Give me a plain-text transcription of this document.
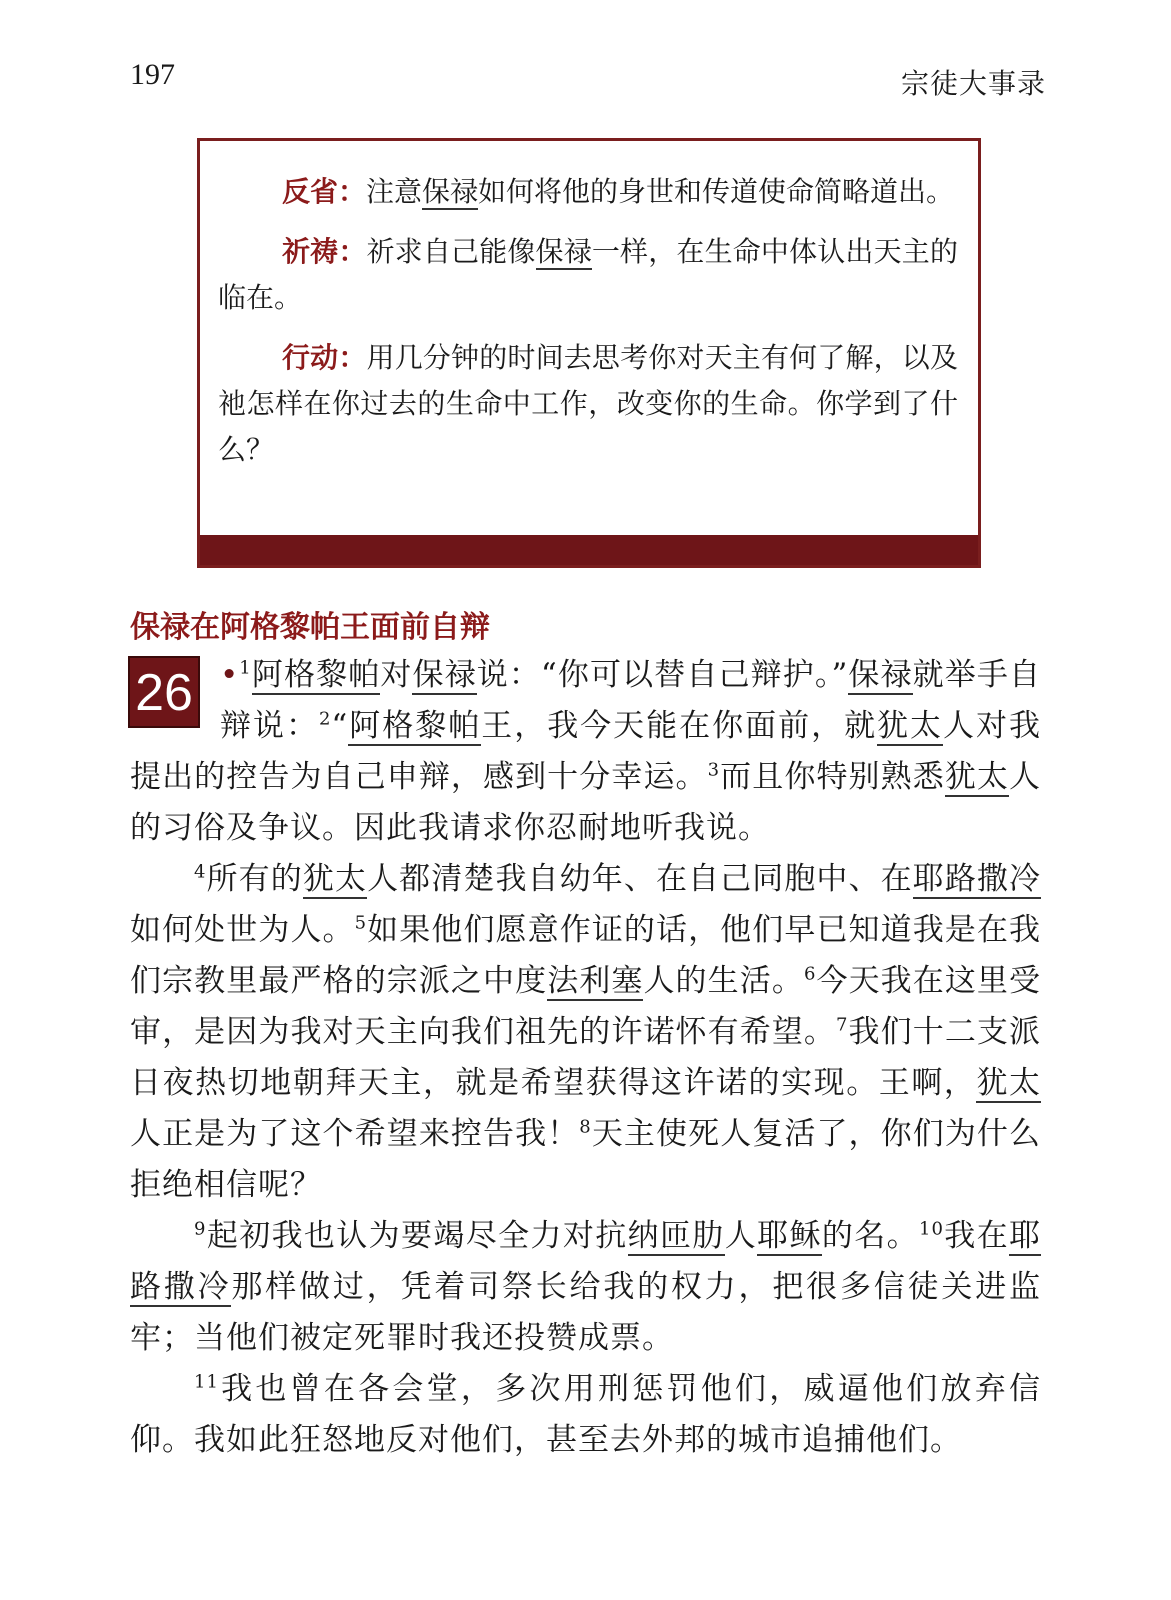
197	宗徒大事录

反省：注意保禄如何将他的身世和传道使命简略道出。

祈祷：祈求自己能像保禄一样，在生命中体认出天主的临在。

行动：用几分钟的时间去思考你对天主有何了解，以及祂怎样在你过去的生命中工作，改变你的生命。你学到了什么？

保禄在阿格黎帕王面前自辩
26 •$^1$阿格黎帕对保禄说：“你可以替自己辩护。”保禄就举手自辩说：$^2$“阿格黎帕王，我今天能在你面前，就犹太人对我提出的控告为自己申辩，感到十分幸运。$^3$而且你特别熟悉犹太人的习俗及争议。因此我请求你忍耐地听我说。

$^4$所有的犹太人都清楚我自幼年、在自己同胞中、在耶路撒冷如何处世为人。$^5$如果他们愿意作证的话，他们早已知道我是在我们宗教里最严格的宗派之中度法利塞人的生活。$^6$今天我在这里受审，是因为我对天主向我们祖先的许诺怀有希望。$^7$我们十二支派日夜热切地朝拜天主，就是希望获得这许诺的实现。王啊，犹太人正是为了这个希望来控告我！$^8$天主使死人复活了，你们为什么拒绝相信呢？

$^9$起初我也认为要竭尽全力对抗纳匝肋人耶稣的名。$^{10}$我在耶路撒冷那样做过，凭着司祭长给我的权力，把很多信徒关进监牢；当他们被定死罪时我还投赞成票。

$^{11}$我也曾在各会堂，多次用刑惩罚他们，威逼他们放弃信仰。我如此狂怒地反对他们，甚至去外邦的城市追捕他们。
